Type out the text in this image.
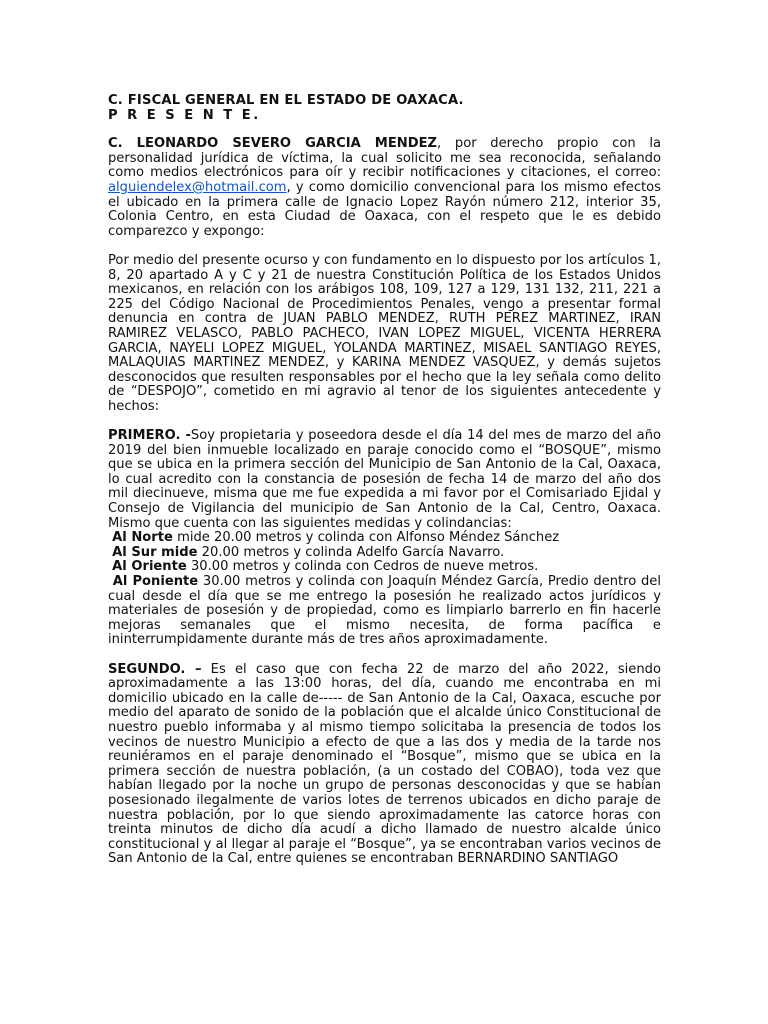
C. FISCAL GENERAL EN EL ESTADO DE OAXACA.
P R E S E N T E.

C. LEONARDO SEVERO GARCIA MENDEZ, por derecho propio con la personalidad jurídica de víctima, la cual solicito me sea reconocida, señalando como medios electrónicos para oír y recibir notificaciones y citaciones, el correo: alguiendelex@hotmail.com, y como domicilio convencional para los mismo efectos el ubicado en la primera calle de Ignacio Lopez Rayón número 212, interior 35, Colonia Centro, en esta Ciudad de Oaxaca, con el respeto que le es debido comparezco y expongo:

Por medio del presente ocurso y con fundamento en lo dispuesto por los artículos 1, 8, 20 apartado A y C y 21 de nuestra Constitución Política de los Estados Unidos mexicanos, en relación con los arábigos 108, 109, 127 a 129, 131 132, 211, 221 a 225 del Código Nacional de Procedimientos Penales, vengo a presentar formal denuncia en contra de JUAN PABLO MENDEZ, RUTH PEREZ MARTINEZ, IRAN RAMIREZ VELASCO, PABLO PACHECO, IVAN LOPEZ MIGUEL, VICENTA HERRERA GARCIA, NAYELI LOPEZ MIGUEL, YOLANDA MARTINEZ, MISAEL SANTIAGO REYES, MALAQUIAS MARTINEZ MENDEZ, y KARINA MENDEZ VASQUEZ, y demás sujetos desconocidos que resulten responsables por el hecho que la ley señala como delito de “DESPOJO”, cometido en mi agravio al tenor de los siguientes antecedente y hechos:

PRIMERO. -Soy propietaria y poseedora desde el día 14 del mes de marzo del año 2019 del bien inmueble localizado en paraje conocido como el “BOSQUE”, mismo que se ubica en la primera sección del Municipio de San Antonio de la Cal, Oaxaca, lo cual acredito con la constancia de posesión de fecha 14 de marzo del año dos mil diecinueve, misma que me fue expedida a mi favor por el Comisariado Ejidal y Consejo de Vigilancia del municipio de San Antonio de la Cal, Centro, Oaxaca. Mismo que cuenta con las siguientes medidas y colindancias:

Al Norte mide 20.00 metros y colinda con Alfonso Méndez Sánchez
Al Sur mide 20.00 metros y colinda Adelfo García Navarro.
Al Oriente 30.00 metros y colinda con Cedros de nueve metros.

Al Poniente 30.00 metros y colinda con Joaquín Méndez García, Predio dentro del cual desde el día que se me entrego la posesión he realizado actos jurídicos y materiales de posesión y de propiedad, como es limpiarlo barrerlo en fin hacerle mejoras semanales que el mismo necesita, de forma pacífica e ininterrumpidamente durante más de tres años aproximadamente.

SEGUNDO. – Es el caso que con fecha 22 de marzo del año 2022, siendo aproximadamente a las 13:00 horas, del día, cuando me encontraba en mi domicilio ubicado en la calle de----- de San Antonio de la Cal, Oaxaca, escuche por medio del aparato de sonido de la población que el alcalde único Constitucional de nuestro pueblo informaba y al mismo tiempo solicitaba la presencia de todos los vecinos de nuestro Municipio a efecto de que a las dos y media de la tarde nos reuniéramos en el paraje denominado el “Bosque”, mismo que se ubica en la primera sección de nuestra población, (a un costado del COBAO), toda vez que habían llegado por la noche un grupo de personas desconocidas y que se habían posesionado ilegalmente de varios lotes de terrenos ubicados en dicho paraje de nuestra población, por lo que siendo aproximadamente las catorce horas con treinta minutos de dicho día acudí a dicho llamado de nuestro alcalde único constitucional y al llegar al paraje el “Bosque”, ya se encontraban varios vecinos de San Antonio de la Cal, entre quienes se encontraban BERNARDINO SANTIAGO
